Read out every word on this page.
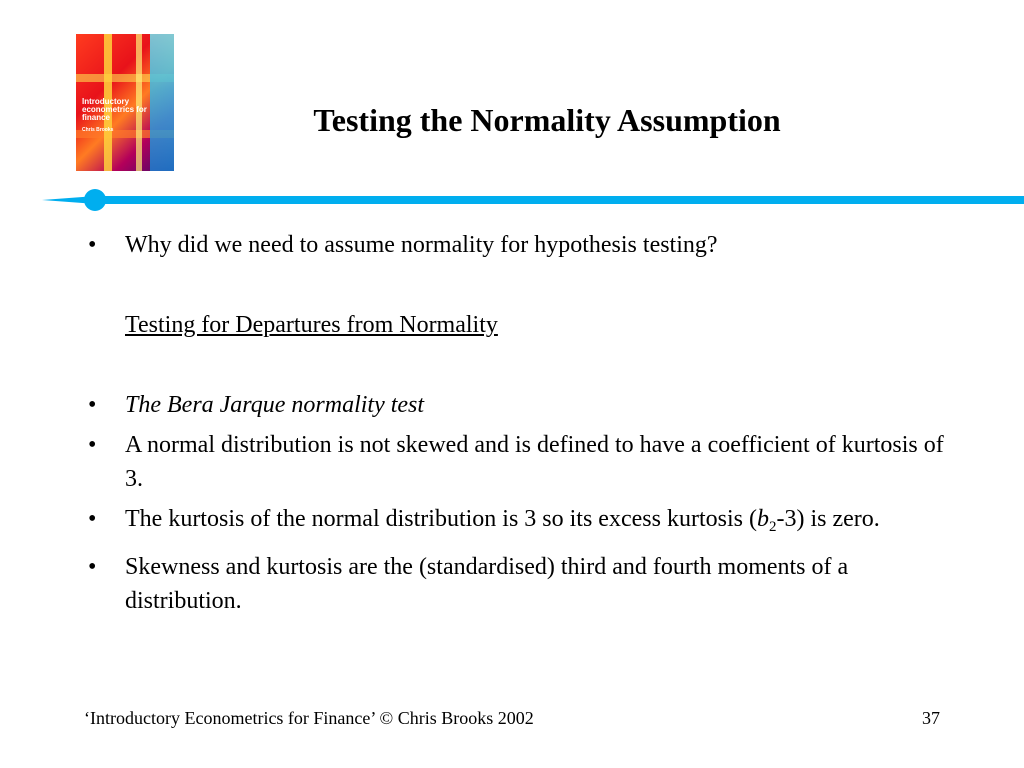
Introductory econometrics for finance
Chris Brooks	Testing the Normality Assumption
• Why did we need to assume normality for hypothesis testing?
Testing for Departures from Normality
• The Bera Jarque normality test
• A normal distribution is not skewed and is defined to have a coefficient of kurtosis of 3.
• The kurtosis of the normal distribution is 3 so its excess kurtosis $(b_2-3)$ is zero.
• Skewness and kurtosis are the (standardised) third and fourth moments of a distribution.
‘Introductory Econometrics for Finance’ © Chris Brooks 2002	37
